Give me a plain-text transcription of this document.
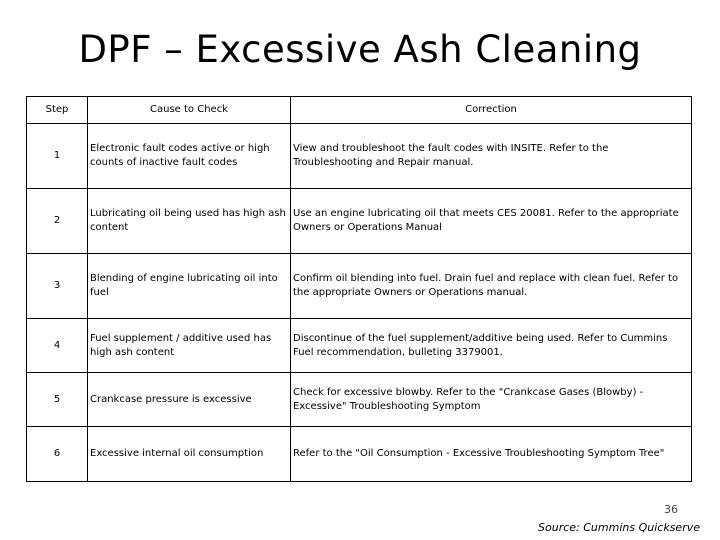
DPF – Excessive Ash Cleaning
Step	Cause to Check	Correction
1	Electronic fault codes active or high counts of inactive fault codes	View and troubleshoot the fault codes with INSITE. Refer to the Troubleshooting and Repair manual.
2	Lubricating oil being used has high ash content	Use an engine lubricating oil that meets CES 20081. Refer to the appropriate Owners or Operations Manual
3	Blending of engine lubricating oil into fuel	Confirm oil blending into fuel. Drain fuel and replace with clean fuel. Refer to the appropriate Owners or Operations manual.
4	Fuel supplement / additive used has high ash content	Discontinue of the fuel supplement/additive being used. Refer to Cummins Fuel recommendation, bulleting 3379001.
5	Crankcase pressure is excessive	Check for excessive blowby. Refer to the "Crankcase Gases (Blowby) - Excessive" Troubleshooting Symptom
6	Excessive internal oil consumption	Refer to the "Oil Consumption - Excessive Troubleshooting Symptom Tree"
36
Source: Cummins Quickserve
